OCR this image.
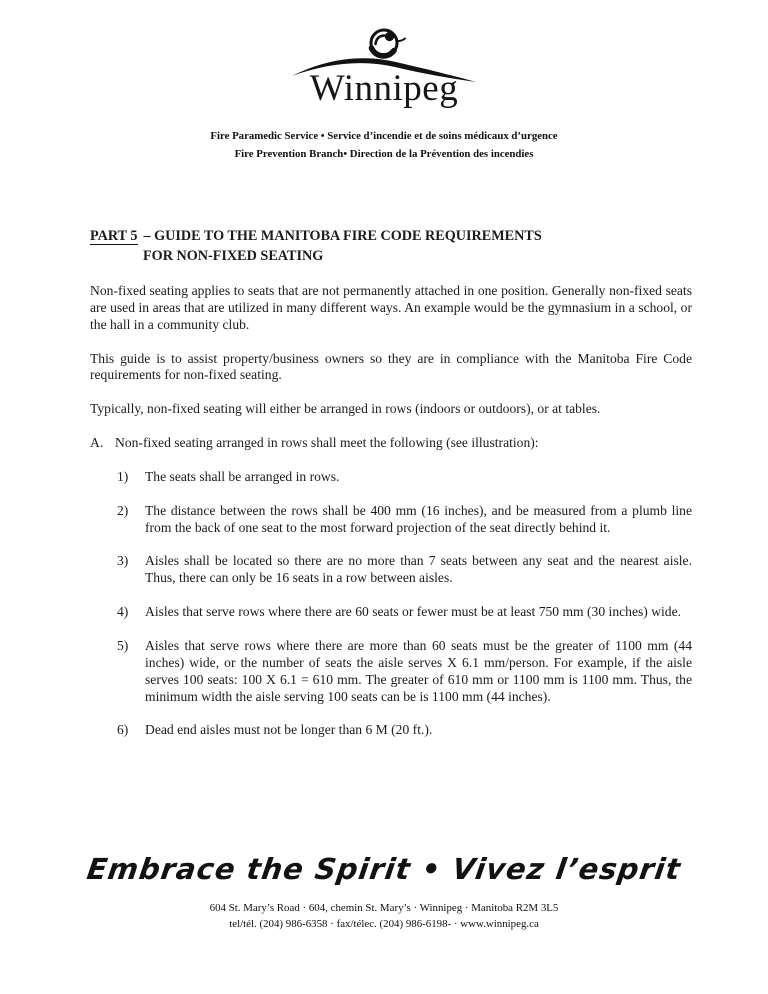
Winnipeg
Fire Paramedic Service • Service d’incendie et de soins médicaux d’urgence
Fire Prevention Branch• Direction de la Prévention des incendies
PART 5 – GUIDE TO THE MANITOBA FIRE CODE REQUIREMENTS
FOR NON-FIXED SEATING

Non-fixed seating applies to seats that are not permanently attached in one position. Generally non-fixed seats are used in areas that are utilized in many different ways. An example would be the gymnasium in a school, or the hall in a community club.

This guide is to assist property/business owners so they are in compliance with the Manitoba Fire Code requirements for non-fixed seating.

Typically, non-fixed seating will either be arranged in rows (indoors or outdoors), or at tables.

A. Non-fixed seating arranged in rows shall meet the following (see illustration):
1)	The seats shall be arranged in rows.
2)	The distance between the rows shall be 400 mm (16 inches), and be measured from a plumb line from the back of one seat to the most forward projection of the seat directly behind it.
3)	Aisles shall be located so there are no more than 7 seats between any seat and the nearest aisle. Thus, there can only be 16 seats in a row between aisles.
4)	Aisles that serve rows where there are 60 seats or fewer must be at least 750 mm (30 inches) wide.
5)	Aisles that serve rows where there are more than 60 seats must be the greater of 1100 mm (44 inches) wide, or the number of seats the aisle serves X 6.1 mm/person. For example, if the aisle serves 100 seats: 100 X 6.1 = 610 mm. The greater of 610 mm or 1100 mm is 1100 mm. Thus, the minimum width the aisle serving 100 seats can be is 1100 mm (44 inches).
6)	Dead end aisles must not be longer than 6 M (20 ft.).
Embrace the Spirit • Vivez l’esprit
604 St. Mary’s Road · 604, chemin St. Mary’s · Winnipeg · Manitoba R2M 3L5
tel/tél. (204) 986-6358 · fax/télec. (204) 986-6198- · www.winnipeg.ca
